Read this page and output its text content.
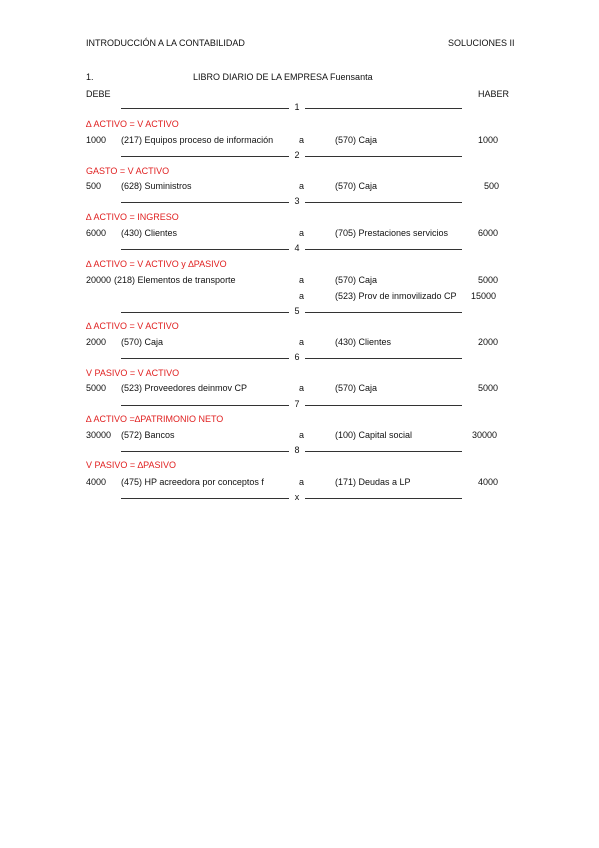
INTRODUCCIÓN A LA CONTABILIDAD	SOLUCIONES II
1.	LIBRO DIARIO DE LA EMPRESA Fuensanta
DEBE	HABER
1
∆ ACTIVO = V ACTIVO
1000 (217) Equipos proceso de información	a	(570) Caja	1000
2
GASTO = V ACTIVO
500 (628) Suministros	a	(570) Caja	500
3
∆ ACTIVO = INGRESO
6000 (430) Clientes	a	(705) Prestaciones servicios	6000
4
∆ ACTIVO = V ACTIVO y ∆PASIVO
20000 (218) Elementos de transporte	a	(570) Caja	5000
a	(523) Prov de inmovilizado CP 15000
5
∆ ACTIVO = V ACTIVO
2000 (570) Caja	a	(430) Clientes	2000
6
V PASIVO = V ACTIVO
5000 (523) Proveedores deinmov CP	a	(570) Caja	5000
7
∆ ACTIVO =∆PATRIMONIO NETO
30000 (572) Bancos	a	(100) Capital social	30000
8
V PASIVO = ∆PASIVO
4000 (475) HP acreedora por conceptos f	a	(171) Deudas a LP	4000
x
